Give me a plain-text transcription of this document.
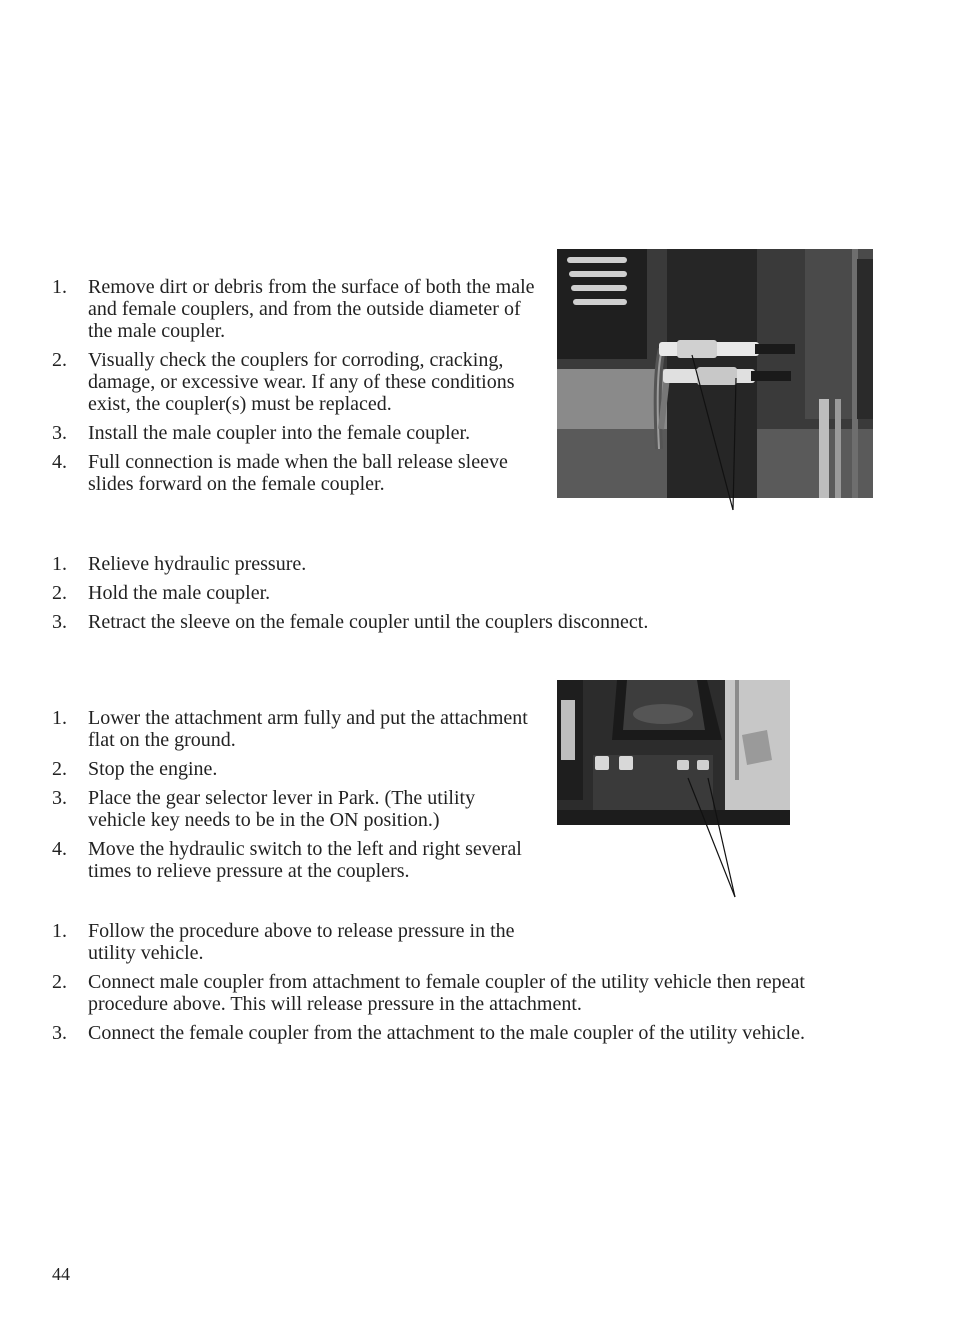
1. Remove dirt or debris from the surface of both the male and female couplers, and from the outside diameter of the male coupler.
2. Visually check the couplers for corroding, cracking, damage, or excessive wear. If any of these conditions exist, the coupler(s) must be replaced.
3. Install the male coupler into the female coupler.
4. Full connection is made when the ball release sleeve slides forward on the female coupler.
1. Relieve hydraulic pressure.
2. Hold the male coupler.
3. Retract the sleeve on the female coupler until the couplers disconnect.
1. Lower the attachment arm fully and put the attachment flat on the ground.
2. Stop the engine.
3. Place the gear selector lever in Park. (The utility vehicle key needs to be in the ON position.)
4. Move the hydraulic switch to the left and right several times to relieve pressure at the couplers.
1. Follow the procedure above to release pressure in the utility vehicle.
2. Connect male coupler from attachment to female coupler of the utility vehicle then repeat procedure above. This will release pressure in the attachment.
3. Connect the female coupler from the attachment to the male coupler of the utility vehicle.
44
